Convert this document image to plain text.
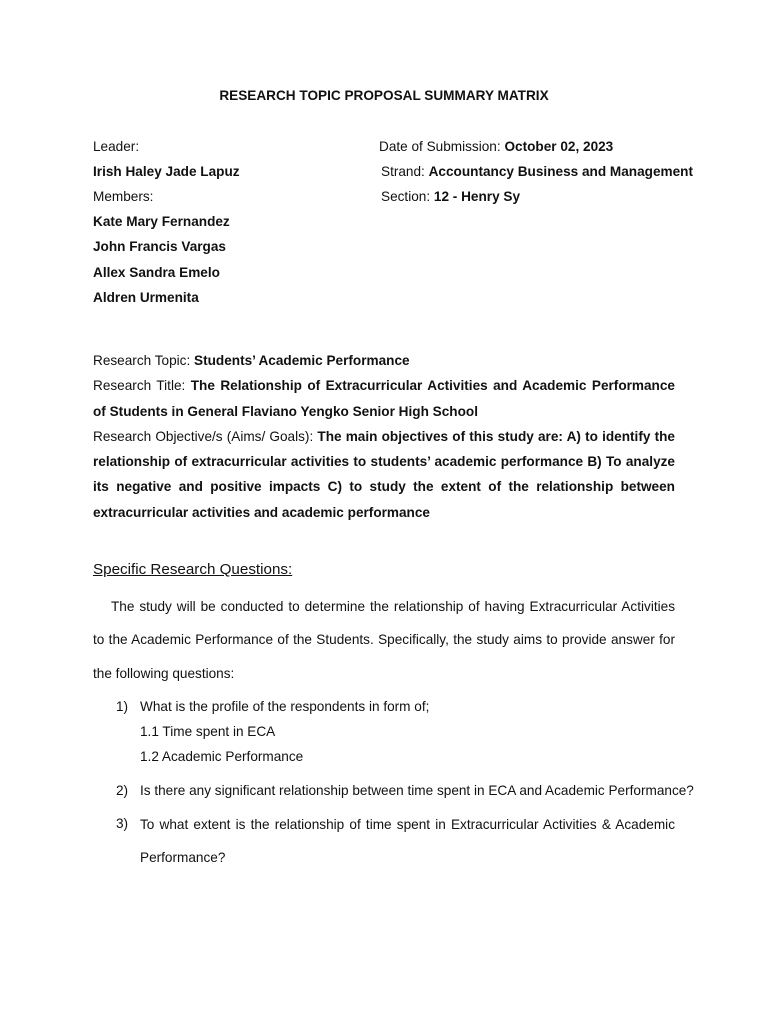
RESEARCH TOPIC PROPOSAL SUMMARY MATRIX
Leader:
Irish Haley Jade Lapuz
Members:
Kate Mary Fernandez
John Francis Vargas
Allex Sandra Emelo
Aldren Urmenita
Date of Submission: October 02, 2023
Strand: Accountancy Business and Management
Section: 12 - Henry Sy
Research Topic: Students’ Academic Performance
Research Title: The Relationship of Extracurricular Activities and Academic Performance of Students in General Flaviano Yengko Senior High School
Research Objective/s (Aims/ Goals): The main objectives of this study are: A) to identify the relationship of extracurricular activities to students’ academic performance B) To analyze its negative and positive impacts C) to study the extent of the relationship between extracurricular activities and academic performance
Specific Research Questions:
The study will be conducted to determine the relationship of having Extracurricular Activities to the Academic Performance of the Students. Specifically, the study aims to provide answer for the following questions:
1) What is the profile of the respondents in form of;
1.1 Time spent in ECA
1.2 Academic Performance
2) Is there any significant relationship between time spent in ECA and Academic Performance?
3) To what extent is the relationship of time spent in Extracurricular Activities & Academic Performance?
